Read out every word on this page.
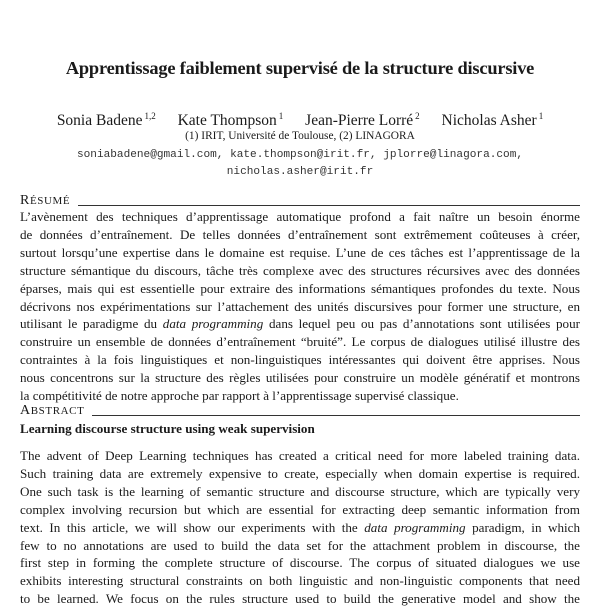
Apprentissage faiblement supervisé de la structure discursive
Sonia Badene $^{1,2}$ Kate Thompson $^1$ Jean-Pierre Lorré $^2$ Nicholas Asher $^1$
(1) IRIT, Université de Toulouse, (2) LINAGORA
soniabadene@gmail.com, kate.thompson@irit.fr, jplorre@linagora.com,
nicholas.asher@irit.fr
RÉSUMÉ
L’avènement des techniques d’apprentissage automatique profond a fait naître un besoin énorme
de données d’entraînement. De telles données d’entraînement sont extrêmement coûteuses à créer,
surtout lorsqu’une expertise dans le domaine est requise. L’une de ces tâches est l’apprentissage de la
structure sémantique du discours, tâche très complexe avec des structures récursives avec des données
éparses, mais qui est essentielle pour extraire des informations sémantiques profondes du texte. Nous
décrivons nos expérimentations sur l’attachement des unités discursives pour former une structure, en
utilisant le paradigme du data programming dans lequel peu ou pas d’annotations sont utilisées pour
construire un ensemble de données d’entraînement “bruité”. Le corpus de dialogues utilisé illustre des
contraintes à la fois linguistiques et non-linguistiques intéressantes qui doivent être apprises. Nous
nous concentrons sur la structure des règles utilisées pour construire un modèle génératif et montrons
la compétitivité de notre approche par rapport à l’apprentissage supervisé classique.
ABSTRACT
Learning discourse structure using weak supervision
The advent of Deep Learning techniques has created a critical need for more labeled training data.
Such training data are extremely expensive to create, especially when domain expertise is required.
One such task is the learning of semantic structure and discourse structure, which are typically very
complex involving recursion but which are essential for extracting deep semantic information from
text. In this article, we will show our experiments with the data programming paradigm, in which
few to no annotations are used to build the data set for the attachment problem in discourse, the
first step in forming the complete structure of discourse. The corpus of situated dialogues we use
exhibits interesting structural constraints on both linguistic and non-linguistic components that need
to be learned. We focus on the rules structure used to build the generative model and show the
